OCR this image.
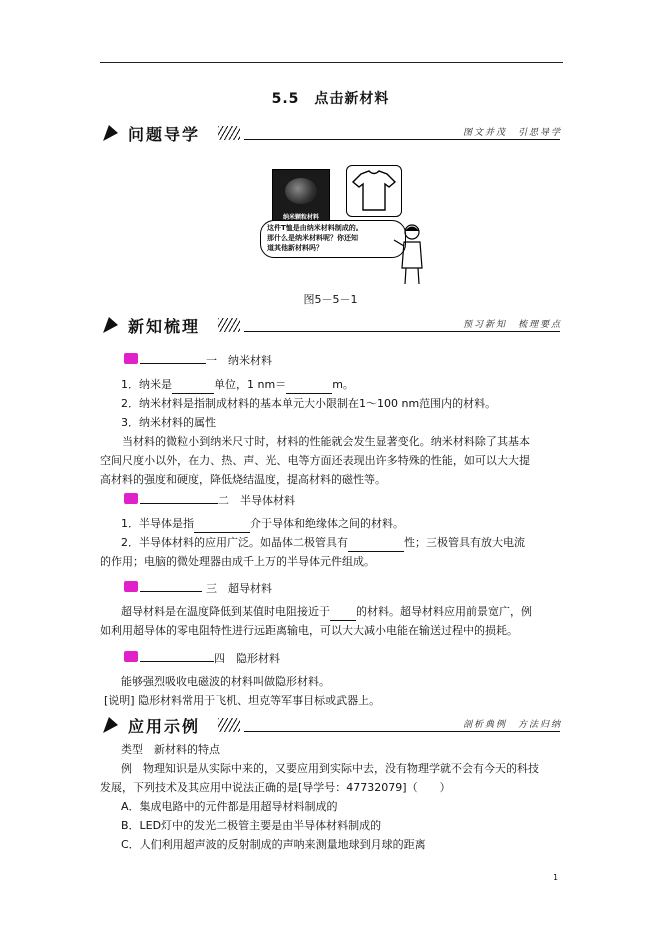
5.5　点击新材料
问题导学	图文并茂　引思导学
纳米颗粒材料
这件T恤是由纳米材料制成的。
那什么是纳米材料呢？你还知
道其他新材料吗？
图5－5－1
新知梳理	预习新知　梳理要点
一　纳米材料
1．纳米是	单位，1 nm＝	m。
2．纳米材料是指制成材料的基本单元大小限制在1～100 nm范围内的材料。
3．纳米材料的属性
当材料的微粒小到纳米尺寸时，材料的性能就会发生显著变化。纳米材料除了其基本空间尺度小以外，在力、热、声、光、电等方面还表现出许多特殊的性能，如可以大大提高材料的强度和硬度，降低烧结温度，提高材料的磁性等。
二　半导体材料
1．半导体是指	介于导体和绝缘体之间的材料。
2．半导体材料的应用广泛。如晶体二极管具有	性；三极管具有放大电流
的作用；电脑的微处理器由成千上万的半导体元件组成。
三　超导材料
超导材料是在温度降低到某值时电阻接近于 的材料。超导材料应用前景宽广，例
如利用超导体的零电阻特性进行远距离输电，可以大大减小电能在输送过程中的损耗。
四　隐形材料
能够强烈吸收电磁波的材料叫做隐形材料。
[说明] 隐形材料常用于飞机、坦克等军事目标或武器上。
应用示例	剖析典例　方法归纳
类型　新材料的特点
例　物理知识是从实际中来的，又要应用到实际中去，没有物理学就不会有今天的科技
发展，下列技术及其应用中说法正确的是[导学号：47732079]（　　）
A．集成电路中的元件都是用超导材料制成的
B．LED灯中的发光二极管主要是由半导体材料制成的
C．人们利用超声波的反射制成的声呐来测量地球到月球的距离
1
